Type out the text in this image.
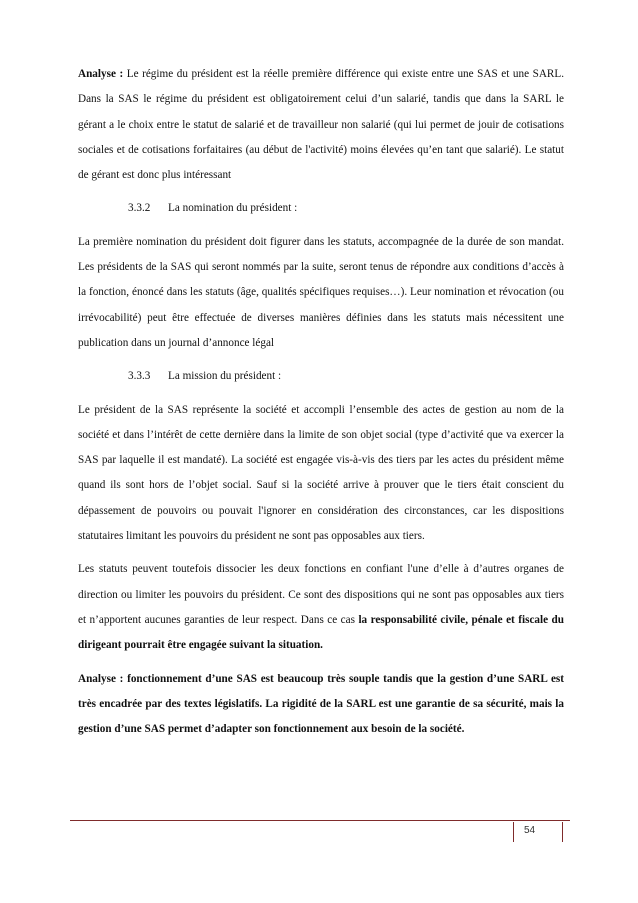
Analyse : Le régime du président est la réelle première différence qui existe entre une SAS et une SARL. Dans la SAS le régime du président est obligatoirement celui d’un salarié, tandis que dans la SARL le gérant a le choix entre le statut de salarié et de travailleur non salarié (qui lui permet de jouir de cotisations sociales et de cotisations forfaitaires (au début de l'activité) moins élevées qu’en tant que salarié). Le statut de gérant est donc plus intéressant

3.3.2 La nomination du président :

La première nomination du président doit figurer dans les statuts, accompagnée de la durée de son mandat. Les présidents de la SAS qui seront nommés par la suite, seront tenus de répondre aux conditions d’accès à la fonction, énoncé dans les statuts (âge, qualités spécifiques requises…). Leur nomination et révocation (ou irrévocabilité) peut être effectuée de diverses manières définies dans les statuts mais nécessitent une publication dans un journal d’annonce légal

3.3.3 La mission du président :

Le président de la SAS représente la société et accompli l’ensemble des actes de gestion au nom de la société et dans l’intérêt de cette dernière dans la limite de son objet social (type d’activité que va exercer la SAS par laquelle il est mandaté). La société est engagée vis-à-vis des tiers par les actes du président même quand ils sont hors de l’objet social. Sauf si la société arrive à prouver que le tiers était conscient du dépassement de pouvoirs ou pouvait l'ignorer en considération des circonstances, car les dispositions statutaires limitant les pouvoirs du président ne sont pas opposables aux tiers.

Les statuts peuvent toutefois dissocier les deux fonctions en confiant l'une d’elle à d’autres organes de direction ou limiter les pouvoirs du président. Ce sont des dispositions qui ne sont pas opposables aux tiers et n’apportent aucunes garanties de leur respect. Dans ce cas la responsabilité civile, pénale et fiscale du dirigeant pourrait être engagée suivant la situation.

Analyse : fonctionnement d’une SAS est beaucoup très souple tandis que la gestion d’une SARL est très encadrée par des textes législatifs. La rigidité de la SARL est une garantie de sa sécurité, mais la gestion d’une SAS permet d’adapter son fonctionnement aux besoin de la société.

54
